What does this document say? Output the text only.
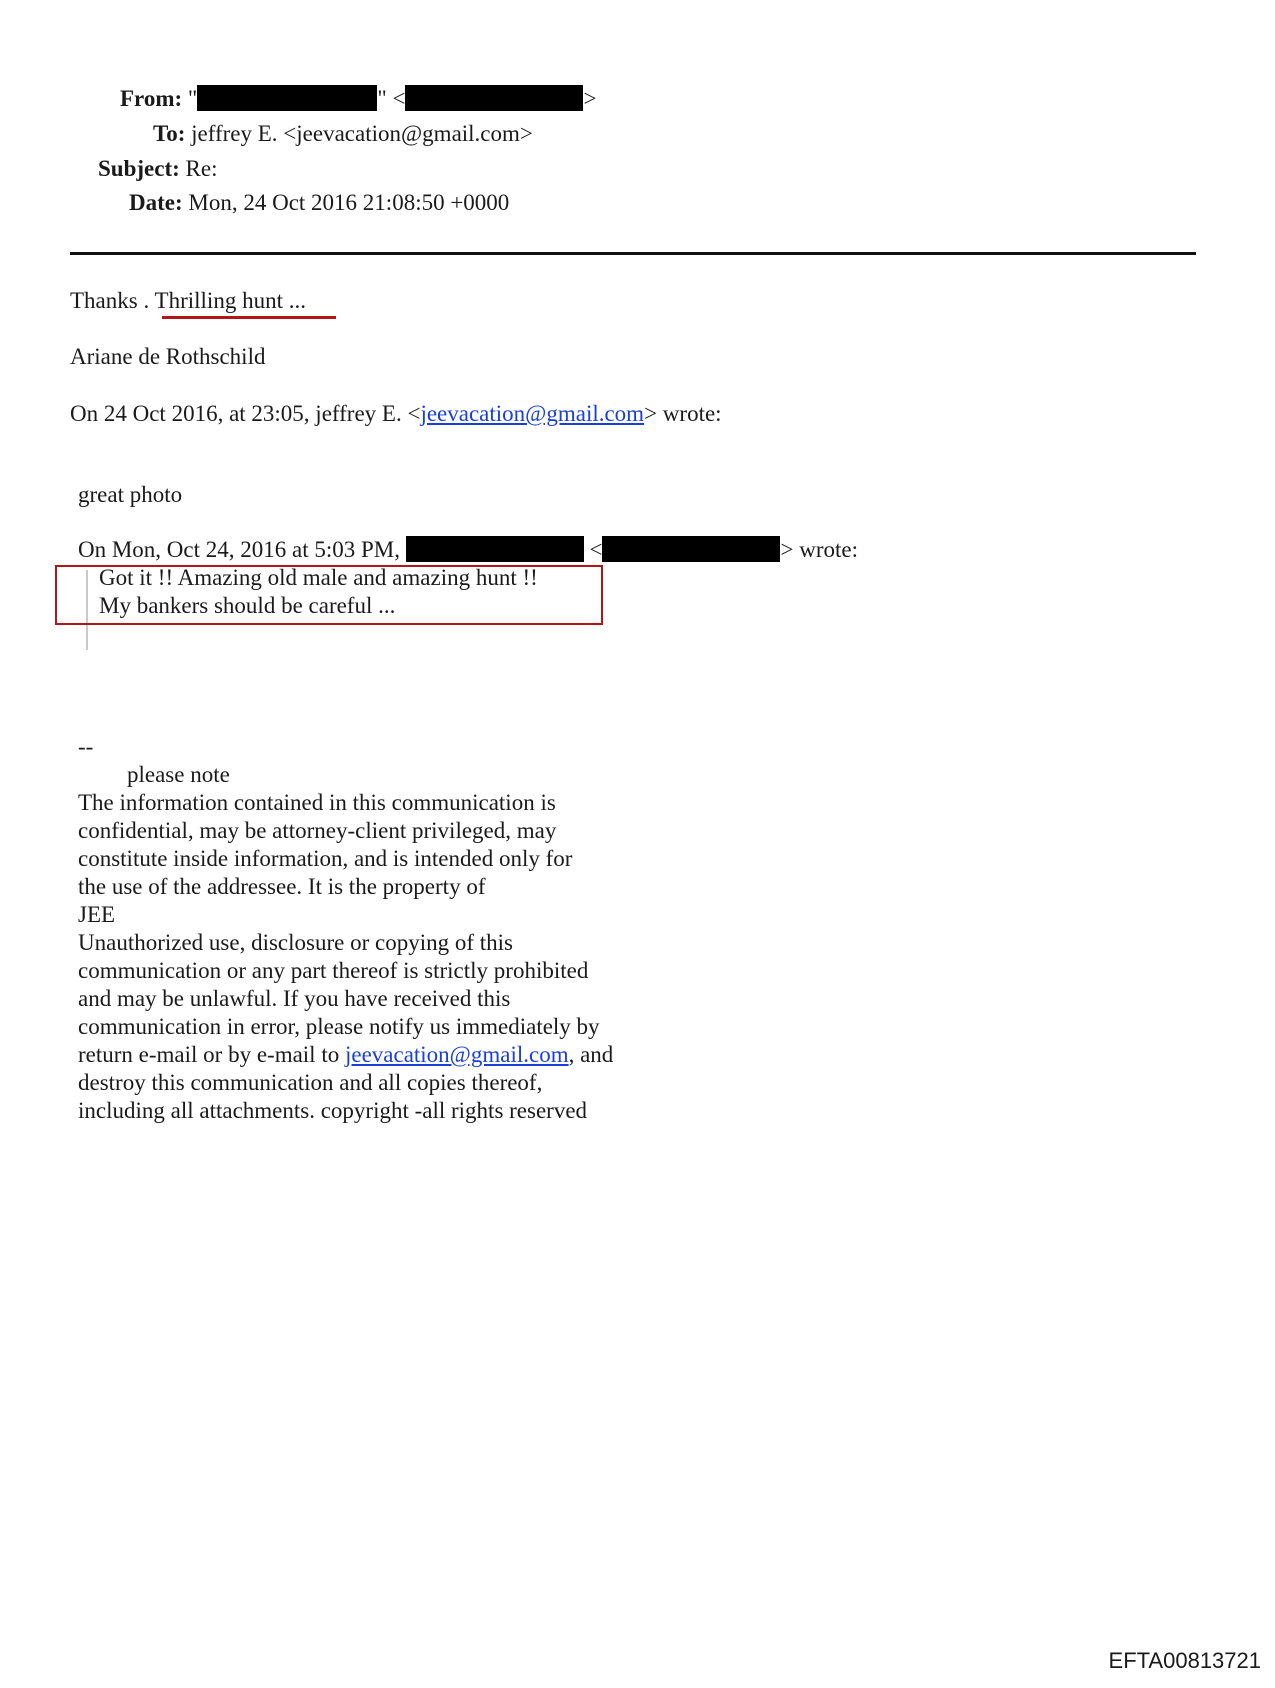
From: "	" <	>
To: jeffrey E. <jeevacation@gmail.com>
Subject: Re:
Date: Mon, 24 Oct 2016 21:08:50 +0000
Thanks . Thrilling hunt ...
Ariane de Rothschild
On 24 Oct 2016, at 23:05, jeffrey E. <jeevacation@gmail.com> wrote:
great photo
On Mon, Oct 24, 2016 at 5:03 PM,	<	> wrote:
Got it !! Amazing old male and amazing hunt !!
My bankers should be careful ...
--
please note
The information contained in this communication is
confidential, may be attorney-client privileged, may
constitute inside information, and is intended only for
the use of the addressee. It is the property of
JEE
Unauthorized use, disclosure or copying of this
communication or any part thereof is strictly prohibited
and may be unlawful. If you have received this
communication in error, please notify us immediately by
return e-mail or by e-mail to jeevacation@gmail.com, and
destroy this communication and all copies thereof,
including all attachments. copyright -all rights reserved
EFTA00813721
